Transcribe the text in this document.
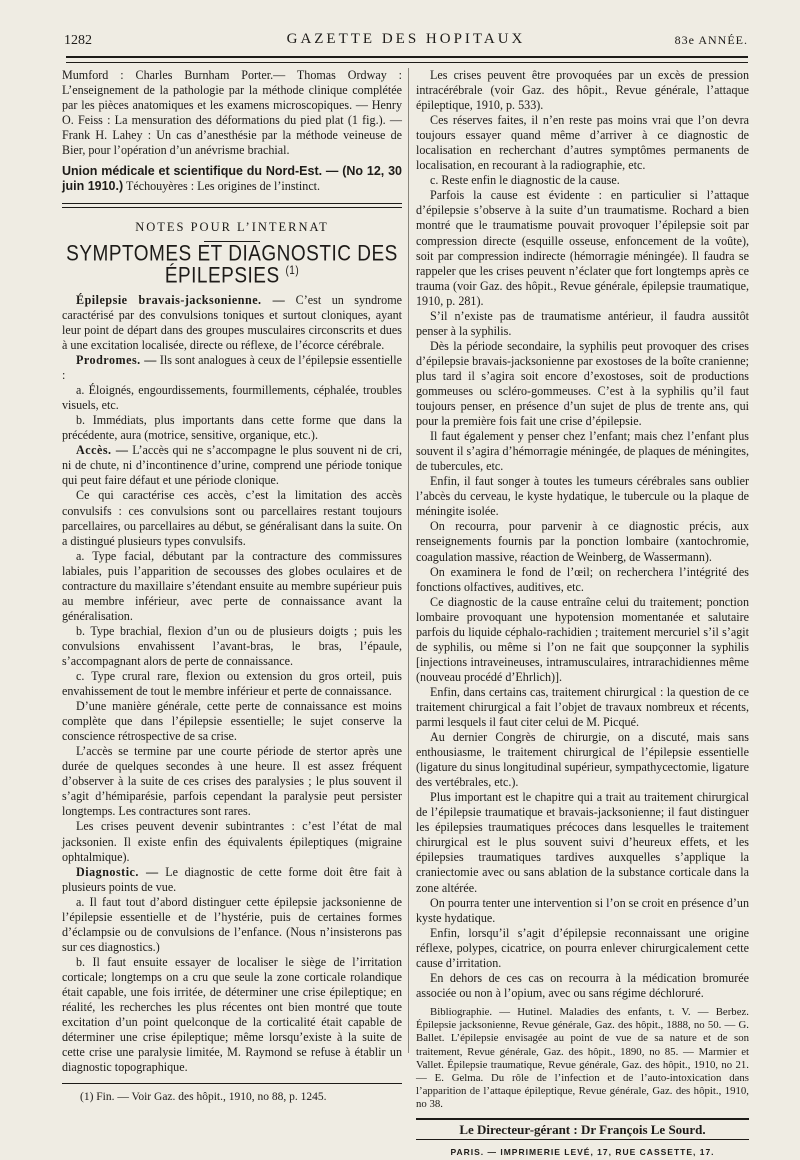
1282	GAZETTE DES HOPITAUX	83e ANNÉE.

Mumford : Charles Burnham Porter.— Thomas Ordway : L’enseignement de la pathologie par la méthode clinique complétée par les pièces anatomiques et les examens microscopiques. — Henry O. Feiss : La mensuration des déformations du pied plat (1 fig.). — Frank H. Lahey : Un cas d’anesthésie par la méthode veineuse de Bier, pour l’opération d’un anévrisme brachial.

Union médicale et scientifique du Nord-Est. — (No 12, 30 juin 1910.) Téchouyères : Les origines de l’instinct.

NOTES POUR L’INTERNAT
SYMPTOMES ET DIAGNOSTIC DES ÉPILEPSIES $^{(1)}$

Épilepsie bravais-jacksonienne. — C’est un syndrome caractérisé par des convulsions toniques et surtout cloniques, ayant leur point de départ dans des groupes musculaires circonscrits et dues à une excitation localisée, directe ou réflexe, de l’écorce cérébrale.

Prodromes. — Ils sont analogues à ceux de l’épilepsie essentielle :

a. Éloignés, engourdissements, fourmillements, céphalée, troubles visuels, etc.

b. Immédiats, plus importants dans cette forme que dans la précédente, aura (motrice, sensitive, organique, etc.).

Accès. — L’accès qui ne s’accompagne le plus souvent ni de cri, ni de chute, ni d’incontinence d’urine, comprend une période tonique qui peut faire défaut et une période clonique.

Ce qui caractérise ces accès, c’est la limitation des accès convulsifs : ces convulsions sont ou parcellaires restant toujours parcellaires, ou parcellaires au début, se généralisant dans la suite. On a distingué plusieurs types convulsifs.

a. Type facial, débutant par la contracture des commissures labiales, puis l’apparition de secousses des globes oculaires et de contracture du maxillaire s’étendant ensuite au membre supérieur puis au membre inférieur, avec perte de connaissance avant la généralisation.

b. Type brachial, flexion d’un ou de plusieurs doigts ; puis les convulsions envahissent l’avant-bras, le bras, l’épaule, s’accompagnant alors de perte de connaissance.

c. Type crural rare, flexion ou extension du gros orteil, puis envahissement de tout le membre inférieur et perte de connaissance.

D’une manière générale, cette perte de connaissance est moins complète que dans l’épilepsie essentielle; le sujet conserve la conscience rétrospective de sa crise.

L’accès se termine par une courte période de stertor après une durée de quelques secondes à une heure. Il est assez fréquent d’observer à la suite de ces crises des paralysies ; le plus souvent il s’agit d’hémiparésie, parfois cependant la paralysie peut persister longtemps. Les contractures sont rares.

Les crises peuvent devenir subintrantes : c’est l’état de mal jacksonien. Il existe enfin des équivalents épileptiques (migraine ophtalmique).

Diagnostic. — Le diagnostic de cette forme doit être fait à plusieurs points de vue.

a. Il faut tout d’abord distinguer cette épilepsie jacksonienne de l’épilepsie essentielle et de l’hystérie, puis de certaines formes d’éclampsie ou de convulsions de l’enfance. (Nous n’insisterons pas sur ces diagnostics.)

b. Il faut ensuite essayer de localiser le siège de l’irritation corticale; longtemps on a cru que seule la zone corticale rolandique était capable, une fois irritée, de déterminer une crise épileptique; en réalité, les recherches les plus récentes ont bien montré que toute excitation d’un point quelconque de la corticalité était capable de déterminer une crise épileptique; même lorsqu’existe à la suite de cette crise une paralysie limitée, M. Raymond se refuse à établir un diagnostic topographique.

(1) Fin. — Voir Gaz. des hôpit., 1910, no 88, p. 1245.

Les crises peuvent être provoquées par un excès de pression intracérébrale (voir Gaz. des hôpit., Revue générale, l’attaque épileptique, 1910, p. 533).

Ces réserves faites, il n’en reste pas moins vrai que l’on devra toujours essayer quand même d’arriver à ce diagnostic de localisation en recherchant d’autres symptômes permanents de localisation, en recourant à la radiographie, etc.

c. Reste enfin le diagnostic de la cause.

Parfois la cause est évidente : en particulier si l’attaque d’épilepsie s’observe à la suite d’un traumatisme. Rochard a bien montré que le traumatisme pouvait provoquer l’épilepsie soit par compression directe (esquille osseuse, enfoncement de la voûte), soit par compression indirecte (hémorragie méningée). Il faudra se rappeler que les crises peuvent n’éclater que fort longtemps après ce trauma (voir Gaz. des hôpit., Revue générale, épilepsie traumatique, 1910, p. 281).

S’il n’existe pas de traumatisme antérieur, il faudra aussitôt penser à la syphilis.

Dès la période secondaire, la syphilis peut provoquer des crises d’épilepsie bravais-jacksonienne par exostoses de la boîte cranienne; plus tard il s’agira soit encore d’exostoses, soit de productions gommeuses ou scléro-gommeuses. C’est à la syphilis qu’il faut toujours penser, en présence d’un sujet de plus de trente ans, qui pour la première fois fait une crise d’épilepsie.

Il faut également y penser chez l’enfant; mais chez l’enfant plus souvent il s’agira d’hémorragie méningée, de plaques de méningites, de tubercules, etc.

Enfin, il faut songer à toutes les tumeurs cérébrales sans oublier l’abcès du cerveau, le kyste hydatique, le tubercule ou la plaque de méningite isolée.

On recourra, pour parvenir à ce diagnostic précis, aux renseignements fournis par la ponction lombaire (xantochromie, coagulation massive, réaction de Weinberg, de Wassermann).

On examinera le fond de l’œil; on recherchera l’intégrité des fonctions olfactives, auditives, etc.

Ce diagnostic de la cause entraîne celui du traitement; ponction lombaire provoquant une hypotension momentanée et salutaire parfois du liquide céphalo-rachidien ; traitement mercuriel s’il s’agit de syphilis, ou même si l’on ne fait que soupçonner la syphilis [injections intraveineuses, intramusculaires, intrarachidiennes même (nouveau procédé d’Ehrlich)].

Enfin, dans certains cas, traitement chirurgical : la question de ce traitement chirurgical a fait l’objet de travaux nombreux et récents, parmi lesquels il faut citer celui de M. Picqué.

Au dernier Congrès de chirurgie, on a discuté, mais sans enthousiasme, le traitement chirurgical de l’épilepsie essentielle (ligature du sinus longitudinal supérieur, sympathycectomie, ligature des vertébrales, etc.).

Plus important est le chapitre qui a trait au traitement chirurgical de l’épilepsie traumatique et bravais-jacksonienne; il faut distinguer les épilepsies traumatiques précoces dans lesquelles le traitement chirurgical est le plus souvent suivi d’heureux effets, et les épilepsies traumatiques tardives auxquelles s’applique la craniectomie avec ou sans ablation de la substance corticale dans la zone altérée.

On pourra tenter une intervention si l’on se croit en présence d’un kyste hydatique.

Enfin, lorsqu’il s’agit d’épilepsie reconnaissant une origine réflexe, polypes, cicatrice, on pourra enlever chirurgicalement cette cause d’irritation.

En dehors de ces cas on recourra à la médication bromurée associée ou non à l’opium, avec ou sans régime déchloruré.

Bibliographie. — Hutinel. Maladies des enfants, t. V. — Berbez. Épilepsie jacksonienne, Revue générale, Gaz. des hôpit., 1888, no 50. — G. Ballet. L’épilepsie envisagée au point de vue de sa nature et de son traitement, Revue générale, Gaz. des hôpit., 1890, no 85. — Marmier et Vallet. Épilepsie traumatique, Revue générale, Gaz. des hôpit., 1910, no 21. — E. Gelma. Du rôle de l’infection et de l’auto-intoxication dans l’apparition de l’attaque épileptique, Revue générale, Gaz. des hôpit., 1910, no 38.

Le Directeur-gérant : Dr François Le Sourd.
PARIS. — IMPRIMERIE LEVÉ, 17, RUE CASSETTE, 17.
